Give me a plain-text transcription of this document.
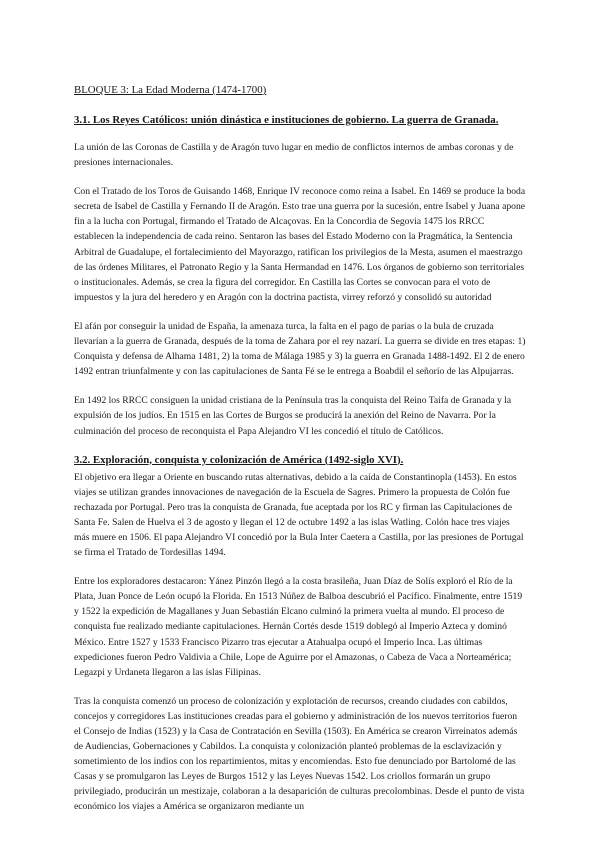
BLOQUE 3: La Edad Moderna (1474-1700)
3.1. Los Reyes Católicos: unión dinástica e instituciones de gobierno. La guerra de Granada.

La unión de las Coronas de Castilla y de Aragón tuvo lugar en medio de conflictos internos de ambas coronas y de presiones internacionales.

Con el Tratado de los Toros de Guisando 1468, Enrique IV reconoce como reina a Isabel. En 1469 se produce la boda secreta de Isabel de Castilla y Fernando II de Aragón. Esto trae una guerra por la sucesión, entre Isabel y Juana apone fin a la lucha con Portugal, firmando el Tratado de Alcaçovas. En la Concordia de Segovia 1475 los RRCC establecen la independencia de cada reino. Sentaron las bases del Estado Moderno con la Pragmática, la Sentencia Arbitral de Guadalupe, el fortalecimiento del Mayorazgo, ratifican los privilegios de la Mesta, asumen el maestrazgo de las órdenes Militares, el Patronato Regio y la Santa Hermandad en 1476. Los órganos de gobierno son territoriales o institucionales. Además, se crea la figura del corregidor. En Castilla las Cortes se convocan para el voto de impuestos y la jura del heredero y en Aragón con la doctrina pactista, virrey reforzó y consolidó su autoridad

El afán por conseguir la unidad de España, la amenaza turca, la falta en el pago de parias o la bula de cruzada llevarían a la guerra de Granada, después de la toma de Zahara por el rey nazarí. La guerra se divide en tres etapas: 1) Conquista y defensa de Alhama 1481, 2) la toma de Málaga 1985 y 3) la guerra en Granada 1488-1492. El 2 de enero 1492 entran triunfalmente y con las capitulaciones de Santa Fé se le entrega a Boabdil el señorío de las Alpujarras.

En 1492 los RRCC consiguen la unidad cristiana de la Península tras la conquista del Reino Taifa de Granada y la expulsión de los judíos. En 1515 en las Cortes de Burgos se producirá la anexión del Reino de Navarra. Por la culminación del proceso de reconquista el Papa Alejandro VI les concedió el título de Católicos.

3.2. Exploración, conquista y colonización de América (1492-siglo XVI).

El objetivo era llegar a Oriente en buscando rutas alternativas, debido a la caída de Constantinopla (1453). En estos viajes se utilizan grandes innovaciones de navegación de la Escuela de Sagres. Primero la propuesta de Colón fue rechazada por Portugal. Pero tras la conquista de Granada, fue aceptada por los RC y firman las Capitulaciones de Santa Fe. Salen de Huelva el 3 de agosto y llegan el 12 de octubre 1492 a las islas Watling. Colón hace tres viajes más muere en 1506. El papa Alejandro VI concedió por la Bula Inter Caetera a Castilla, por las presiones de Portugal se firma el Tratado de Tordesillas 1494.

Entre los exploradores destacaron: Yánez Pinzón llegó a la costa brasileña, Juan Díaz de Solís exploró el Río de la Plata, Juan Ponce de León ocupó la Florida. En 1513 Núñez de Balboa descubrió el Pacífico. Finalmente, entre 1519 y 1522 la expedición de Magallanes y Juan Sebastián Elcano culminó la primera vuelta al mundo. El proceso de conquista fue realizado mediante capitulaciones. Hernán Cortés desde 1519 doblegó al Imperio Azteca y dominó México. Entre 1527 y 1533 Francisco Pizarro tras ejecutar a Atahualpa ocupó el Imperio Inca. Las últimas expediciones fueron Pedro Valdivia a Chile, Lope de Aguirre por el Amazonas, o Cabeza de Vaca a Norteamérica; Legazpi y Urdaneta llegaron a las islas Filipinas.

Tras la conquista comenzó un proceso de colonización y explotación de recursos, creando ciudades con cabildos, concejos y corregidores Las instituciones creadas para el gobierno y administración de los nuevos territorios fueron el Consejo de Indias (1523) y la Casa de Contratación en Sevilla (1503). En América se crearon Virreinatos además de Audiencias, Gobernaciones y Cabildos. La conquista y colonización planteó problemas de la esclavización y sometimiento de los indios con los repartimientos, mitas y encomiendas. Esto fue denunciado por Bartolomé de las Casas y se promulgaron las Leyes de Burgos 1512 y las Leyes Nuevas 1542. Los criollos formarán un grupo privilegiado, producirán un mestizaje, colaboran a la desaparición de culturas precolombinas. Desde el punto de vista económico los viajes a América se organizaron mediante un
